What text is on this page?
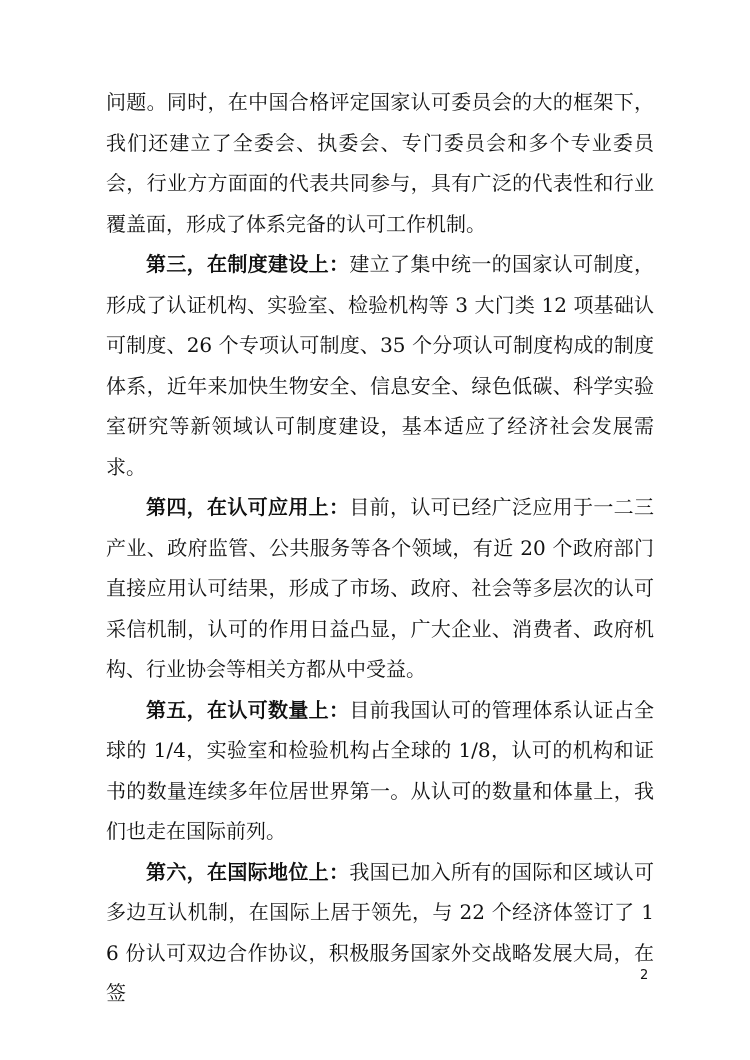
问题。同时，在中国合格评定国家认可委员会的大的框架下，我们还建立了全委会、执委会、专门委员会和多个专业委员会，行业方方面面的代表共同参与，具有广泛的代表性和行业覆盖面，形成了体系完备的认可工作机制。

第三，在制度建设上：建立了集中统一的国家认可制度，形成了认证机构、实验室、检验机构等 3 大门类 12 项基础认可制度、26 个专项认可制度、35 个分项认可制度构成的制度体系，近年来加快生物安全、信息安全、绿色低碳、科学实验室研究等新领域认可制度建设，基本适应了经济社会发展需求。

第四，在认可应用上：目前，认可已经广泛应用于一二三产业、政府监管、公共服务等各个领域，有近 20 个政府部门直接应用认可结果，形成了市场、政府、社会等多层次的认可采信机制，认可的作用日益凸显，广大企业、消费者、政府机构、行业协会等相关方都从中受益。

第五，在认可数量上：目前我国认可的管理体系认证占全球的 1/4，实验室和检验机构占全球的 1/8，认可的机构和证书的数量连续多年位居世界第一。从认可的数量和体量上，我们也走在国际前列。

第六，在国际地位上：我国已加入所有的国际和区域认可多边互认机制，在国际上居于领先，与 22 个经济体签订了 16 份认可双边合作协议，积极服务国家外交战略发展大局，在签

2
